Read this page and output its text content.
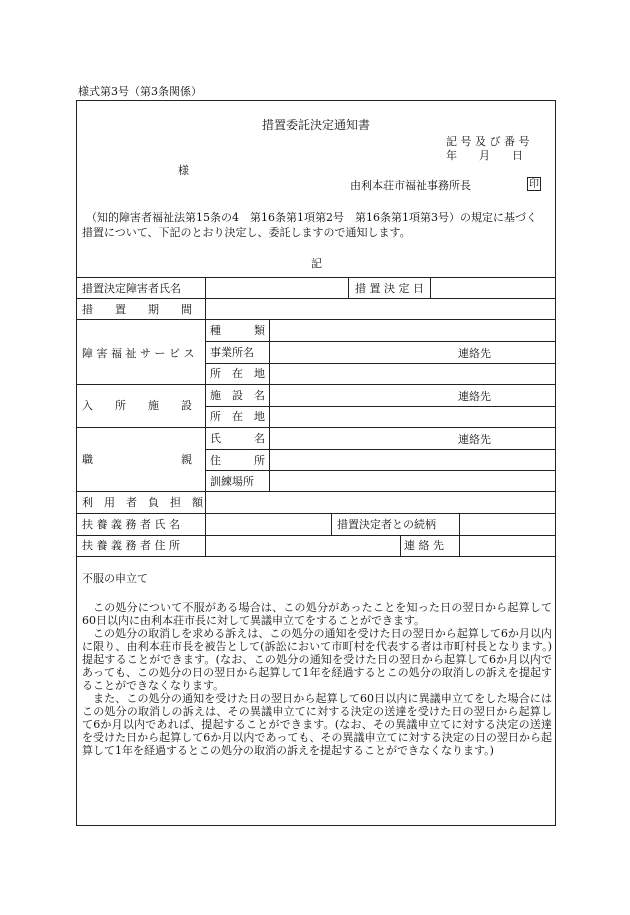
様式第3号（第3条関係）
措置委託決定通知書
記 号 及 び 番 号
年　　月　　日
様
由利本荘市福祉事務所長	印
（知的障害者福祉法第15条の4　第16条第1項第2号　第16条第1項第3号）の規定に基づく
措置について、下記のとおり決定し、委託しますので通知します。
記
措置決定障害者氏名	措 置 決 定 日
措　　置　　期　　間
障 害 福 祉 サ ー ビ ス
種　　　類
事業所名	連絡先
所　在　地
入　　所　　施　　設
施　設　名	連絡先
所　在　地
職　　　　　　　　親
氏　　　名	連絡先
住　　　所
訓練場所
利　用　者　負　担　額
扶 養 義 務 者 氏 名	措置決定者との続柄
扶 養 義 務 者 住 所	連 絡 先
不服の申立て

この処分について不服がある場合は、この処分があったことを知った日の翌日から起算して60日以内に由利本荘市長に対して異議申立てをすることができます。

この処分の取消しを求める訴えは、この処分の通知を受けた日の翌日から起算して6か月以内に限り、由利本荘市長を被告として(訴訟において市町村を代表する者は市町村長となります。)提起することができます。(なお、この処分の通知を受けた日の翌日から起算して6か月以内であっても、この処分の日の翌日から起算して1年を経過するとこの処分の取消しの訴えを提起することができなくなります。

また、この処分の通知を受けた日の翌日から起算して60日以内に異議申立てをした場合にはこの処分の取消しの訴えは、その異議申立てに対する決定の送達を受けた日の翌日から起算して6か月以内であれば、提起することができます。(なお、その異議申立てに対する決定の送達を受けた日から起算して6か月以内であっても、その異議申立てに対する決定の日の翌日から起算して1年を経過するとこの処分の取消の訴えを提起することができなくなります。)
